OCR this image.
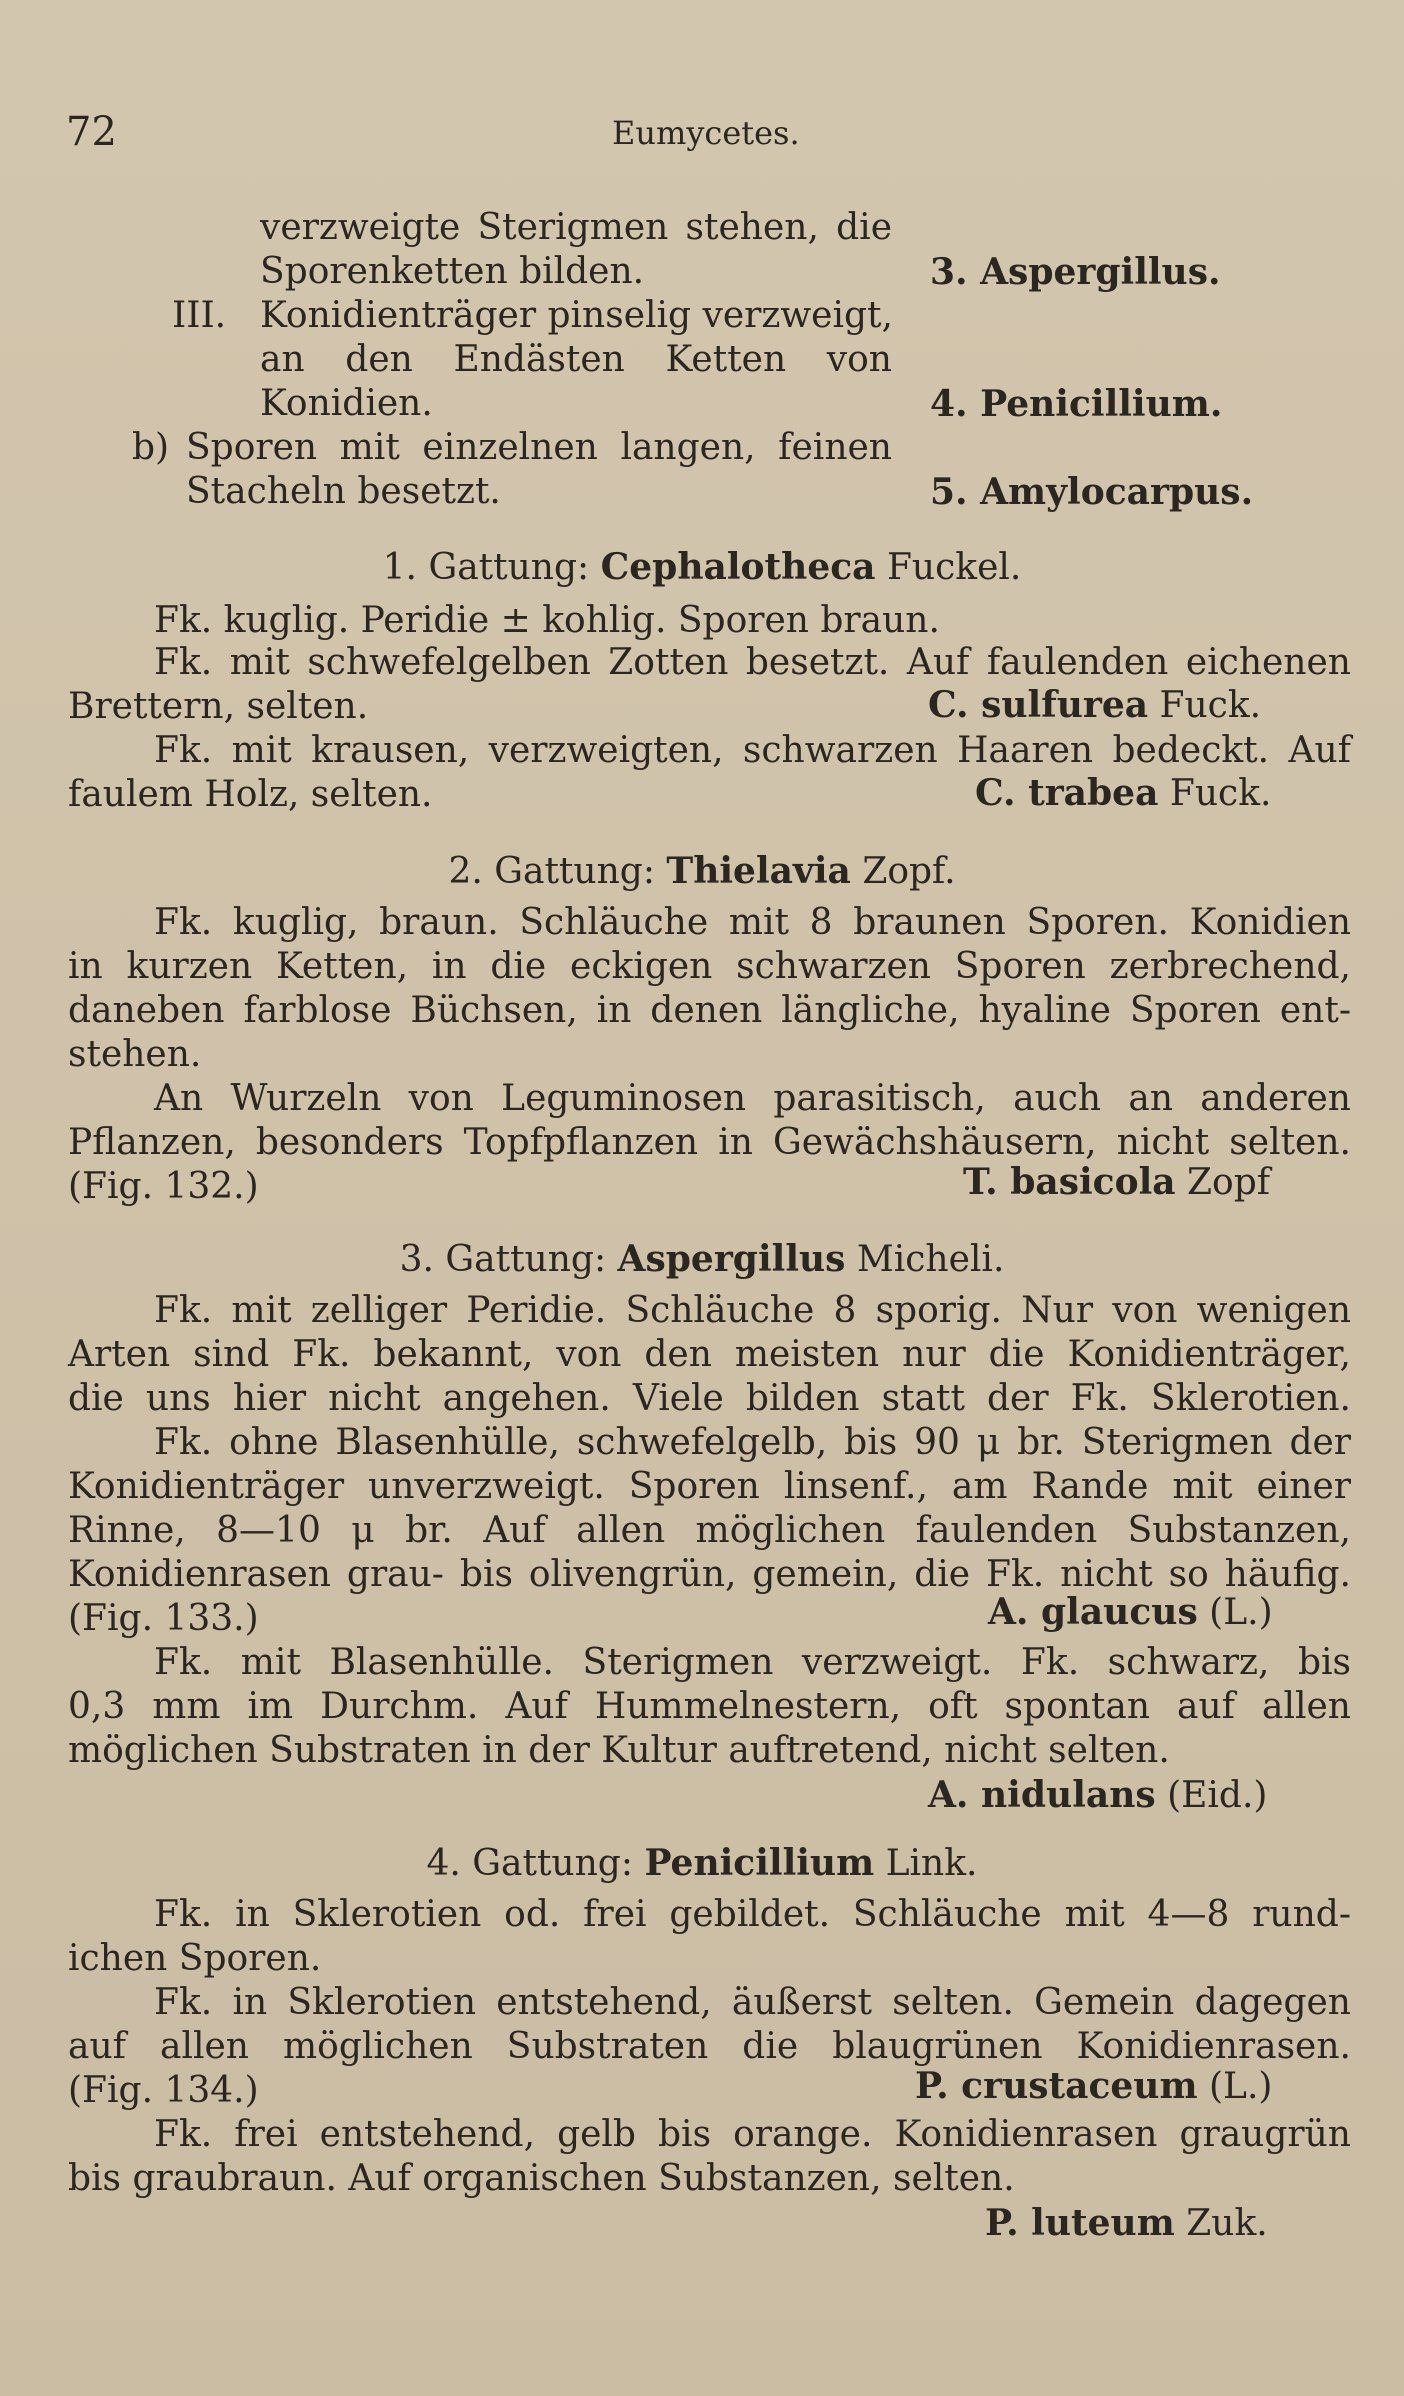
72	Eumycetes.
verzweigte Sterigmen stehen, die
Sporenketten bilden.	3. Aspergillus.
III. Konidienträger pinselig verzweigt,
an den Endästen Ketten von
Konidien.	4. Penicillium.
b) Sporen mit einzelnen langen, feinen
Stacheln besetzt.	5. Amylocarpus.
1. Gattung: Cephalotheca Fuckel.
Fk. kuglig. Peridie ± kohlig. Sporen braun.
Fk. mit schwefelgelben Zotten besetzt. Auf faulenden eichenen
Brettern, selten.	C. sulfurea Fuck.
Fk. mit krausen, verzweigten, schwarzen Haaren bedeckt. Auf
faulem Holz, selten.	C. trabea Fuck.
2. Gattung: Thielavia Zopf.
Fk. kuglig, braun. Schläuche mit 8 braunen Sporen. Konidien
in kurzen Ketten, in die eckigen schwarzen Sporen zerbrechend,
daneben farblose Büchsen, in denen längliche, hyaline Sporen ent-
stehen.
An Wurzeln von Leguminosen parasitisch, auch an anderen
Pflanzen, besonders Topfpflanzen in Gewächshäusern, nicht selten.
(Fig. 132.)	T. basicola Zopf
3. Gattung: Aspergillus Micheli.
Fk. mit zelliger Peridie. Schläuche 8 sporig. Nur von wenigen
Arten sind Fk. bekannt, von den meisten nur die Konidienträger,
die uns hier nicht angehen. Viele bilden statt der Fk. Sklerotien.
Fk. ohne Blasenhülle, schwefelgelb, bis 90 μ br. Sterigmen der
Konidienträger unverzweigt. Sporen linsenf., am Rande mit einer
Rinne, 8—10 μ br. Auf allen möglichen faulenden Substanzen,
Konidienrasen grau- bis olivengrün, gemein, die Fk. nicht so häufig.
(Fig. 133.)	A. glaucus (L.)
Fk. mit Blasenhülle. Sterigmen verzweigt. Fk. schwarz, bis
0,3 mm im Durchm. Auf Hummelnestern, oft spontan auf allen
möglichen Substraten in der Kultur auftretend, nicht selten.
A. nidulans (Eid.)
4. Gattung: Penicillium Link.
Fk. in Sklerotien od. frei gebildet. Schläuche mit 4—8 rund-
ichen Sporen.
Fk. in Sklerotien entstehend, äußerst selten. Gemein dagegen
auf allen möglichen Substraten die blaugrünen Konidienrasen.
(Fig. 134.)	P. crustaceum (L.)
Fk. frei entstehend, gelb bis orange. Konidienrasen graugrün
bis graubraun. Auf organischen Substanzen, selten.
P. luteum Zuk.
